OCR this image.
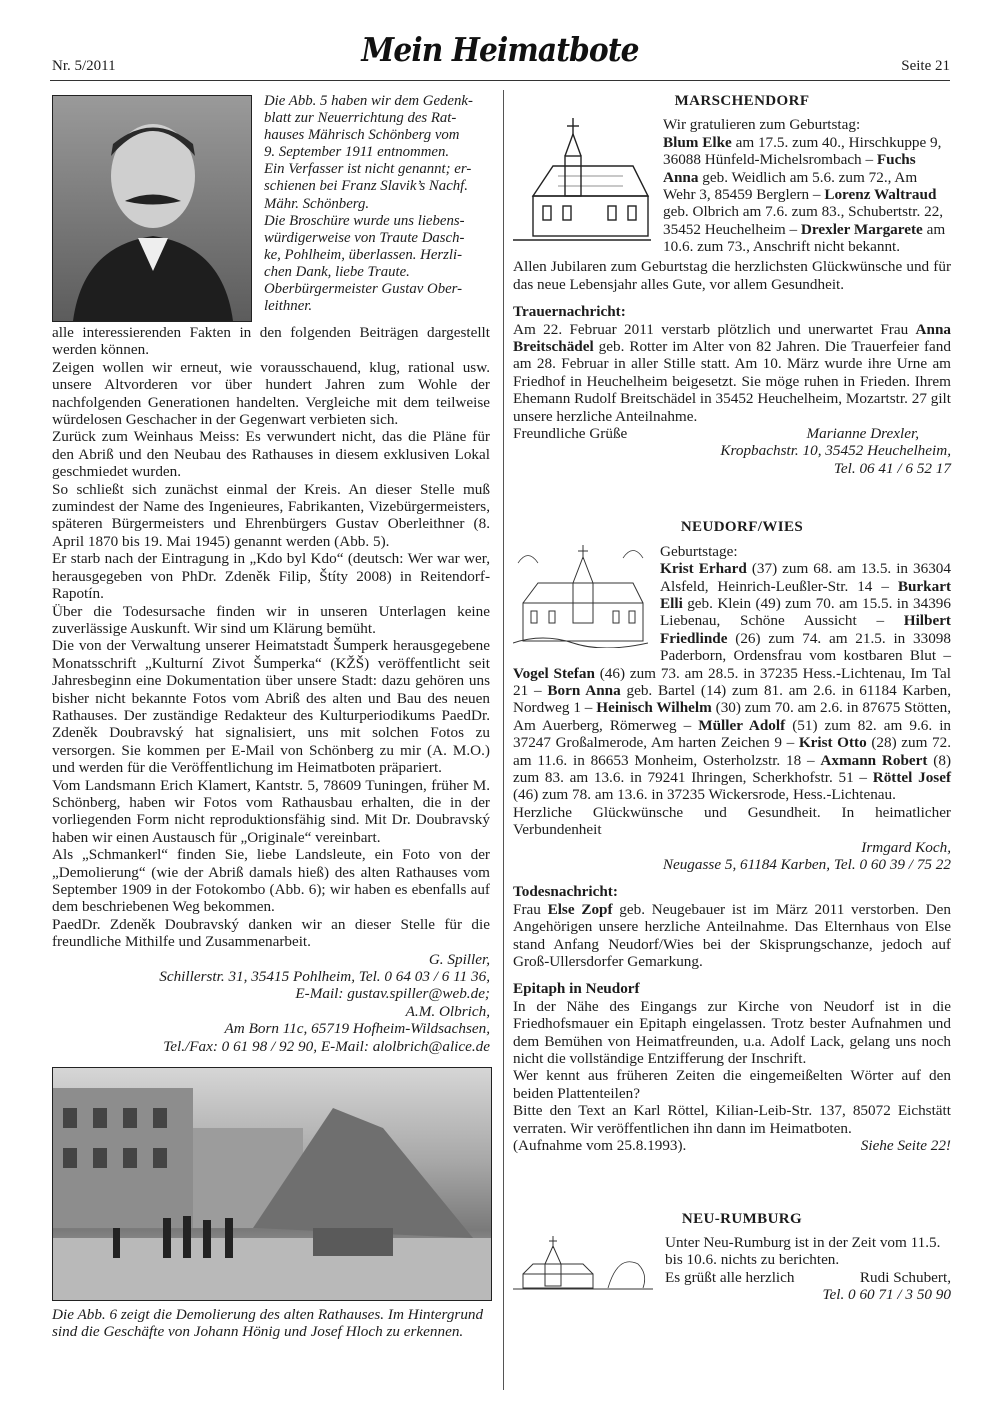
Nr. 5/2011	Mein Heimatbote	Seite 21
Die Abb. 5 haben wir dem Gedenk-
blatt zur Neuerrichtung des Rat-
hauses Mährisch Schönberg vom
9. September 1911 entnommen.
Ein Verfasser ist nicht genannt; er-
schienen bei Franz Slavik’s Nachf.
Mähr. Schönberg.
Die Broschüre wurde uns liebens-
würdigerweise von Traute Dasch-
ke, Pohlheim, überlassen. Herzli-
chen Dank, liebe Traute.
Oberbürgermeister Gustav Ober-
leithner.

alle interessierenden Fakten in den folgenden Beiträgen dargestellt werden können.

Zeigen wollen wir erneut, wie vorausschauend, klug, rational usw. unsere Altvorderen vor über hundert Jahren zum Wohle der nachfolgenden Generationen handelten. Vergleiche mit dem teilweise würdelosen Geschacher in der Gegenwart verbieten sich.

Zurück zum Weinhaus Meiss: Es verwundert nicht, das die Pläne für den Abriß und den Neubau des Rathauses in diesem exklusiven Lokal geschmiedet wurden.

So schließt sich zunächst einmal der Kreis. An dieser Stelle muß zumindest der Name des Ingenieures, Fabrikanten, Vizebürgermeisters, späteren Bürgermeisters und Ehrenbürgers Gustav Oberleithner (8. April 1870 bis 19. Mai 1945) genannt werden (Abb. 5).

Er starb nach der Eintragung in „Kdo byl Kdo“ (deutsch: Wer war wer, herausgegeben von PhDr. Zdeněk Filip, Štíty 2008) in Reitendorf-Rapotín.

Über die Todesursache finden wir in unseren Unterlagen keine zuverlässige Auskunft. Wir sind um Klärung bemüht.

Die von der Verwaltung unserer Heimatstadt Šumperk herausgegebene Monatsschrift „Kulturní Zivot Šumperka“ (KŽŠ) veröffentlicht seit Jahresbeginn eine Dokumentation über unsere Stadt: dazu gehören uns bisher nicht bekannte Fotos vom Abriß des alten und Bau des neuen Rathauses. Der zuständige Redakteur des Kulturperiodikums PaedDr. Zdeněk Doubravský hat signalisiert, uns mit solchen Fotos zu versorgen. Sie kommen per E-Mail von Schönberg zu mir (A. M.O.) und werden für die Veröffentlichung im Heimatboten präpariert.

Vom Landsmann Erich Klamert, Kantstr. 5, 78609 Tuningen, früher M. Schönberg, haben wir Fotos vom Rathausbau erhalten, die in der vorliegenden Form nicht reproduktionsfähig sind. Mit Dr. Doubravský haben wir einen Austausch für „Originale“ vereinbart.

Als „Schmankerl“ finden Sie, liebe Landsleute, ein Foto von der „Demolierung“ (wie der Abriß damals hieß) des alten Rathauses vom September 1909 in der Fotokombo (Abb. 6); wir haben es ebenfalls auf dem beschriebenen Weg bekommen.

PaedDr. Zdeněk Doubravský danken wir an dieser Stelle für die freundliche Mithilfe und Zusammenarbeit.

G. Spiller,
Schillerstr. 31, 35415 Pohlheim, Tel. 0 64 03 / 6 11 36,
E-Mail: gustav.spiller@web.de;
A.M. Olbrich,
Am Born 11c, 65719 Hofheim-Wildsachsen,
Tel./Fax: 0 61 98 / 92 90, E-Mail: alolbrich@alice.de

Die Abb. 6 zeigt die Demolierung des alten Rathauses. Im Hintergrund sind die Geschäfte von Johann Hönig und Josef Hloch zu erkennen.

MARSCHENDORF

Wir gratulieren zum Geburtstag:
Blum Elke am 17.5. zum 40., Hirschkuppe 9, 36088 Hünfeld-Michelsrombach – Fuchs Anna geb. Weidlich am 5.6. zum 72., Am Wehr 3, 85459 Berglern – Lorenz Waltraud geb. Olbrich am 7.6. zum 83., Schubertstr. 22, 35452 Heuchelheim – Drexler Margarete am 10.6. zum 73., Anschrift nicht bekannt.

Allen Jubilaren zum Geburtstag die herzlichsten Glückwünsche und für das neue Lebensjahr alles Gute, vor allem Gesundheit.

Trauernachricht:

Am 22. Februar 2011 verstarb plötzlich und unerwartet Frau Anna Breitschädel geb. Rotter im Alter von 82 Jahren. Die Trauerfeier fand am 28. Februar in aller Stille statt. Am 10. März wurde ihre Urne am Friedhof in Heuchelheim beigesetzt. Sie möge ruhen in Frieden. Ihrem Ehemann Rudolf Breitschädel in 35452 Heuchelheim, Mozartstr. 27 gilt unsere herzliche Anteilnahme.

Freundliche Grüße	Marianne Drexler,
Kropbachstr. 10, 35452 Heuchelheim,
Tel. 06 41 / 6 52 17
NEUDORF/WIES

Geburtstage:
Krist Erhard (37) zum 68. am 13.5. in 36304 Alsfeld, Heinrich-Leußler-Str. 14 – Burkart Elli geb. Klein (49) zum 70. am 15.5. in 34396 Liebenau, Schöne Aussicht – Hilbert Friedlinde (26) zum 74. am 21.5. in 33098 Paderborn, Ordensfrau vom kostbaren Blut – Vogel Stefan (46) zum 73. am 28.5. in 37235 Hess.-Lichtenau, Im Tal 21 – Born Anna geb. Bartel (14) zum 81. am 2.6. in 61184 Karben, Nordweg 1 – Heinisch Wilhelm (30) zum 70. am 2.6. in 87675 Stötten, Am Auerberg, Römerweg – Müller Adolf (51) zum 82. am 9.6. in 37247 Großalmerode, Am harten Zeichen 9 – Krist Otto (28) zum 72. am 11.6. in 86653 Monheim, Osterholzstr. 18 – Axmann Robert (8) zum 83. am 13.6. in 79241 Ihringen, Scherkhofstr. 51 – Röttel Josef (46) zum 78. am 13.6. in 37235 Wickersrode, Hess.-Lichtenau.

Herzliche Glückwünsche und Gesundheit. In heimatlicher Verbundenheit

Irmgard Koch,
Neugasse 5, 61184 Karben, Tel. 0 60 39 / 75 22
Todesnachricht:

Frau Else Zopf geb. Neugebauer ist im März 2011 verstorben. Den Angehörigen unsere herzliche Anteilnahme. Das Elternhaus von Else stand Anfang Neudorf/Wies bei der Skisprungschanze, jedoch auf Groß-Ullersdorfer Gemarkung.

Epitaph in Neudorf

In der Nähe des Eingangs zur Kirche von Neudorf ist in die Friedhofsmauer ein Epitaph eingelassen. Trotz bester Aufnahmen und dem Bemühen von Heimatfreunden, u.a. Adolf Lack, gelang uns noch nicht die vollständige Entzifferung der Inschrift.

Wer kennt aus früheren Zeiten die eingemeißelten Wörter auf den beiden Plattenteilen?

Bitte den Text an Karl Röttel, Kilian-Leib-Str. 137, 85072 Eichstätt verraten. Wir veröffentlichen ihn dann im Heimatboten.

(Aufnahme vom 25.8.1993).	Siehe Seite 22!
NEU-RUMBURG

Unter Neu-Rumburg ist in der Zeit vom 11.5. bis 10.6. nichts zu berichten.

Es grüßt alle herzlich	Rudi Schubert,
Tel. 0 60 71 / 3 50 90
